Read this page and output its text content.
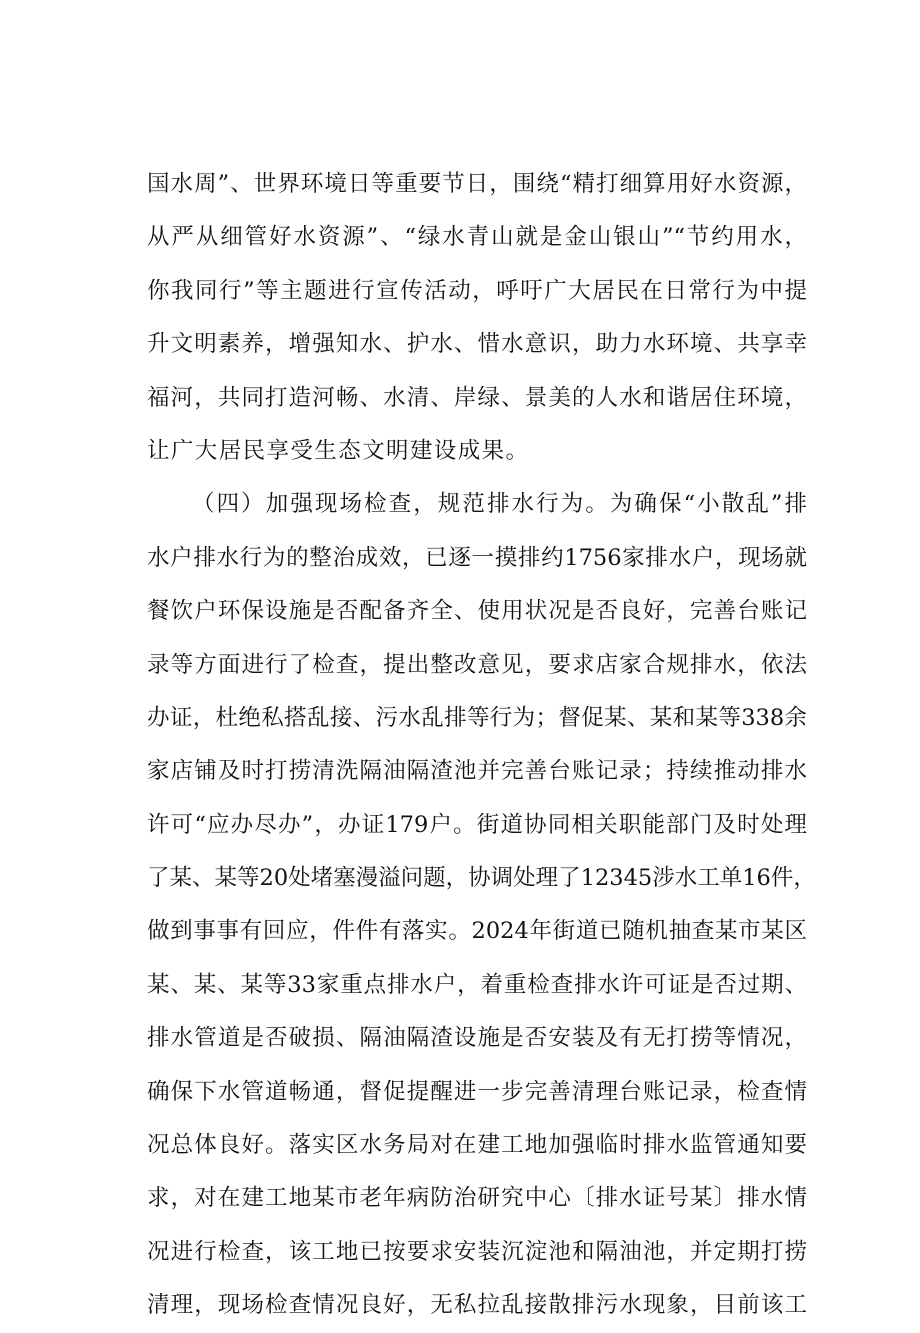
国水周”、世界环境日等重要节日，围绕“精打细算用好水资源，
从严从细管好水资源”、“绿水青山就是金山银山”“节约用水，
你我同行”等主题进行宣传活动，呼吁广大居民在日常行为中提
升文明素养，增强知水、护水、惜水意识，助力水环境、共享幸
福河，共同打造河畅、水清、岸绿、景美的人水和谐居住环境，
让广大居民享受生态文明建设成果。
（四）加强现场检查，规范排水行为。为确保“小散乱”排
水户排水行为的整治成效，已逐一摸排约1756家排水户，现场就
餐饮户环保设施是否配备齐全、使用状况是否良好，完善台账记
录等方面进行了检查，提出整改意见，要求店家合规排水，依法
办证，杜绝私搭乱接、污水乱排等行为；督促某、某和某等338余
家店铺及时打捞清洗隔油隔渣池并完善台账记录；持续推动排水
许可“应办尽办”，办证179户。街道协同相关职能部门及时处理
了某、某等20处堵塞漫溢问题，协调处理了12345涉水工单16件，
做到事事有回应，件件有落实。2024年街道已随机抽查某市某区
某、某、某等33家重点排水户，着重检查排水许可证是否过期、
排水管道是否破损、隔油隔渣设施是否安装及有无打捞等情况，
确保下水管道畅通，督促提醒进一步完善清理台账记录，检查情
况总体良好。落实区水务局对在建工地加强临时排水监管通知要
求，对在建工地某市老年病防治研究中心〔排水证号某〕排水情
况进行检查，该工地已按要求安装沉淀池和隔油池，并定期打捞
清理，现场检查情况良好，无私拉乱接散排污水现象，目前该工
